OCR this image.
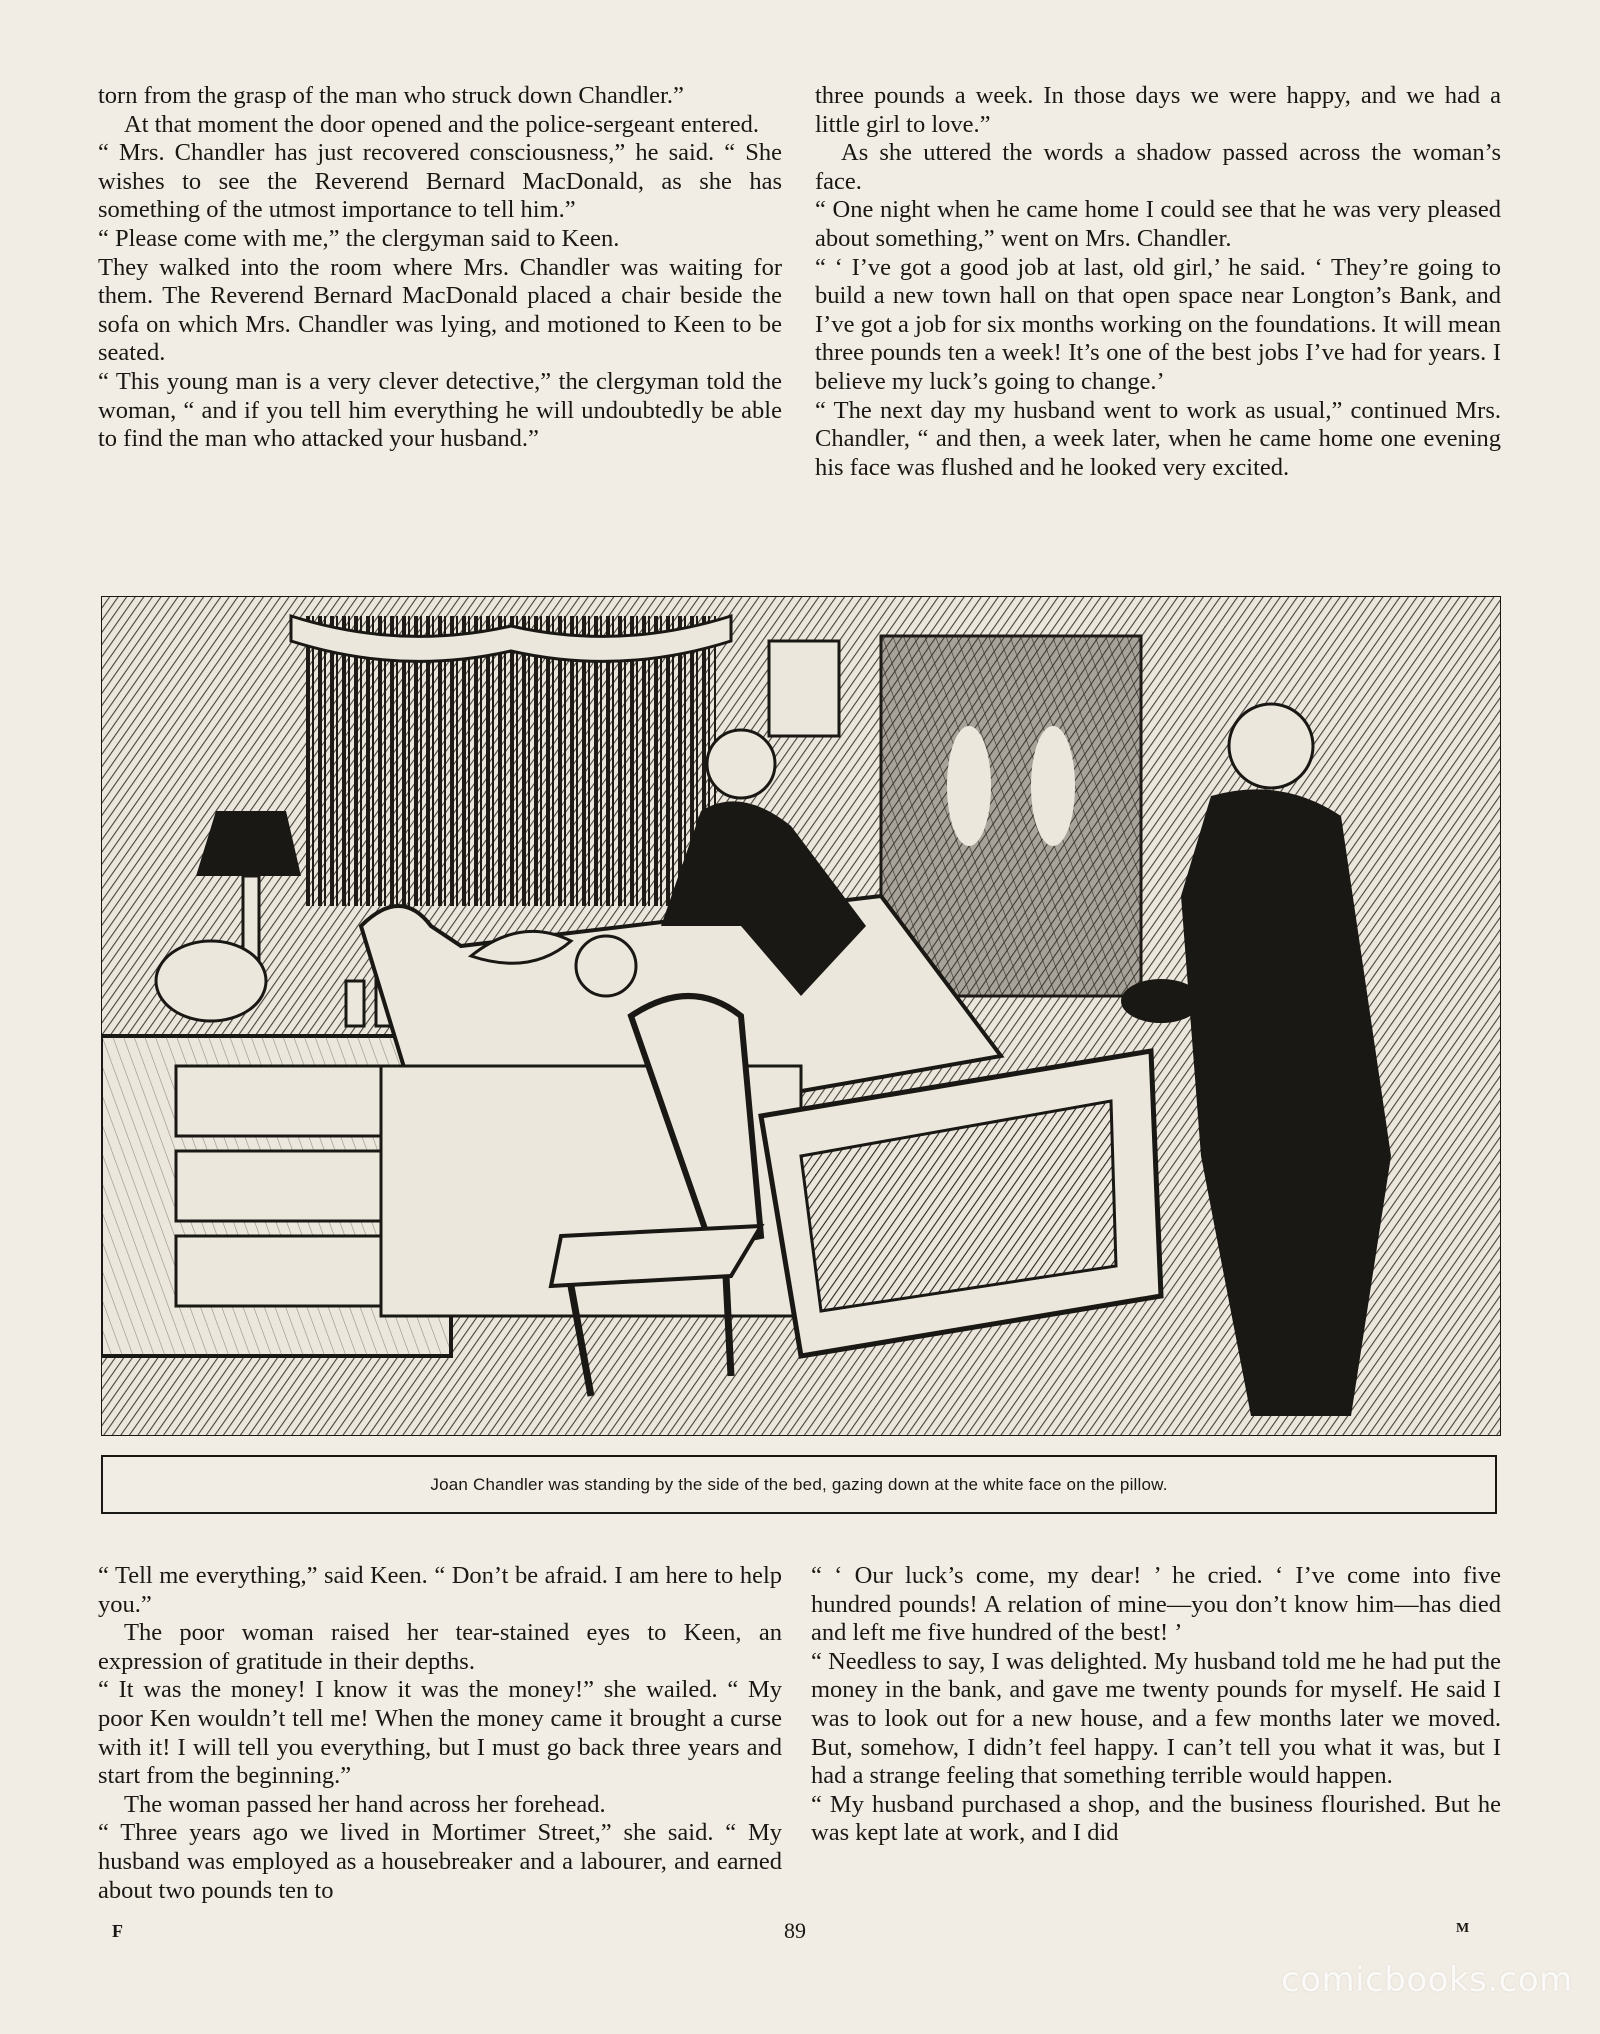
torn from the grasp of the man who struck down Chandler.”

At that moment the door opened and the police-sergeant entered.

“ Mrs. Chandler has just recovered consciousness,” he said. “ She wishes to see the Reverend Bernard MacDonald, as she has something of the utmost importance to tell him.”

“ Please come with me,” the clergyman said to Keen.

They walked into the room where Mrs. Chandler was waiting for them. The Reverend Bernard MacDonald placed a chair beside the sofa on which Mrs. Chandler was lying, and motioned to Keen to be seated.

“ This young man is a very clever detective,” the clergyman told the woman, “ and if you tell him everything he will undoubtedly be able to find the man who attacked your husband.”

three pounds a week. In those days we were happy, and we had a little girl to love.”

As she uttered the words a shadow passed across the woman’s face.

“ One night when he came home I could see that he was very pleased about something,” went on Mrs. Chandler.

“ ‘ I’ve got a good job at last, old girl,’ he said. ‘ They’re going to build a new town hall on that open space near Longton’s Bank, and I’ve got a job for six months working on the foundations. It will mean three pounds ten a week! It’s one of the best jobs I’ve had for years. I believe my luck’s going to change.’

“ The next day my husband went to work as usual,” continued Mrs. Chandler, “ and then, a week later, when he came home one evening his face was flushed and he looked very excited.

Joan Chandler was standing by the side of the bed, gazing down at the white face on the pillow.

“ Tell me everything,” said Keen. “ Don’t be afraid. I am here to help you.”

The poor woman raised her tear-stained eyes to Keen, an expression of gratitude in their depths.

“ It was the money! I know it was the money!” she wailed. “ My poor Ken wouldn’t tell me! When the money came it brought a curse with it! I will tell you everything, but I must go back three years and start from the beginning.”

The woman passed her hand across her forehead.

“ Three years ago we lived in Mortimer Street,” she said. “ My husband was employed as a housebreaker and a labourer, and earned about two pounds ten to

“ ‘ Our luck’s come, my dear! ’ he cried. ‘ I’ve come into five hundred pounds! A relation of mine—you don’t know him—has died and left me five hundred of the best! ’

“ Needless to say, I was delighted. My husband told me he had put the money in the bank, and gave me twenty pounds for myself. He said I was to look out for a new house, and a few months later we moved. But, somehow, I didn’t feel happy. I can’t tell you what it was, but I had a strange feeling that something terrible would happen.

“ My husband purchased a shop, and the business flourished. But he was kept late at work, and I did

F	89	M
comicbooks.com
